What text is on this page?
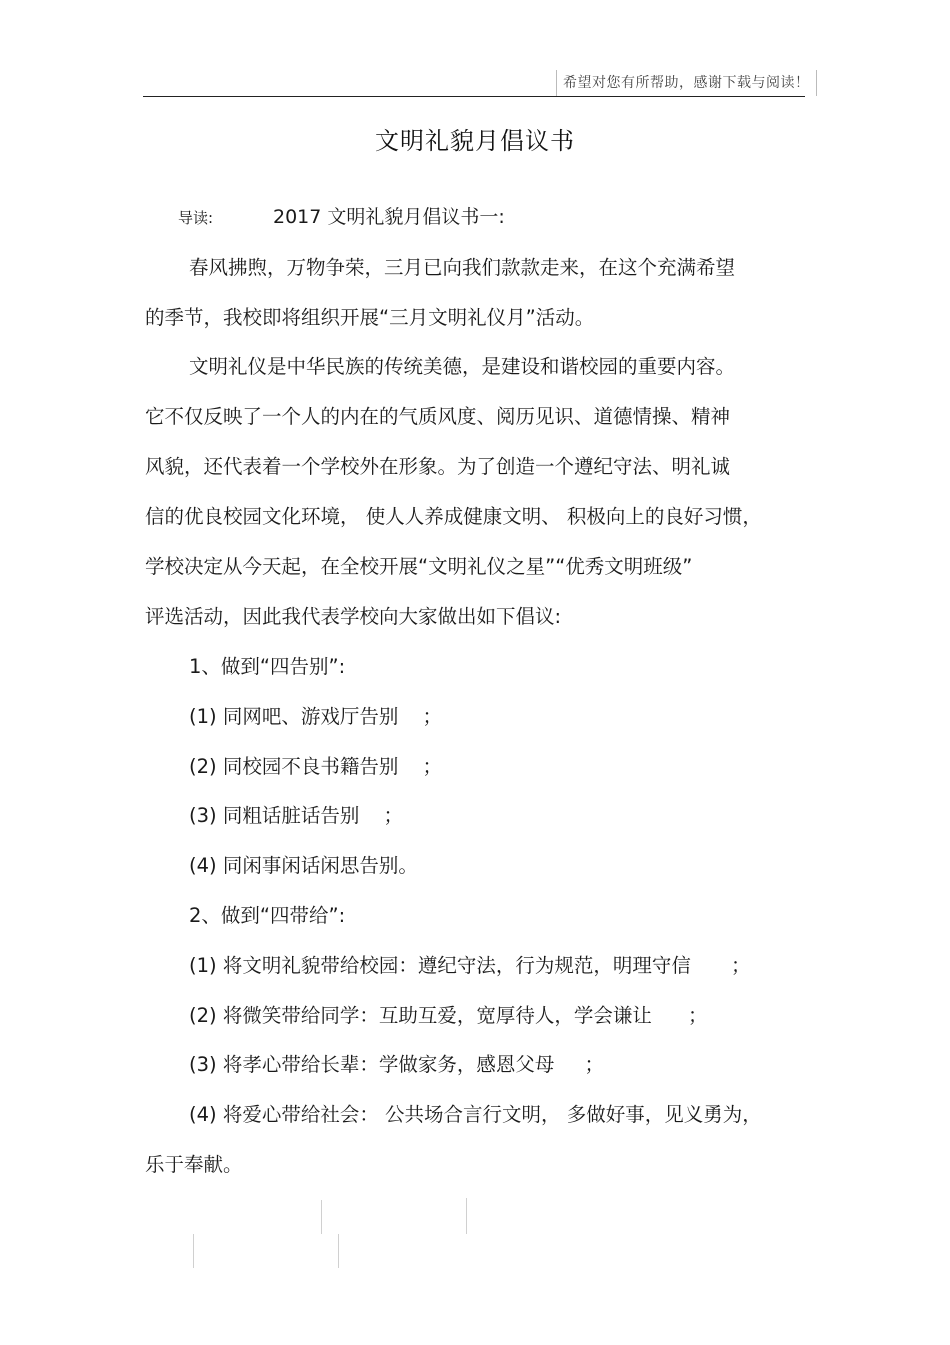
希望对您有所帮助，感谢下载与阅读！
文明礼貌月倡议书
导读:	2017 文明礼貌月倡议书一:
春风拂煦，万物争荣，三月已向我们款款走来，在这个充满希望
的季节，我校即将组织开展“三月文明礼仪月”活动。
文明礼仪是中华民族的传统美德，是建设和谐校园的重要内容。
它不仅反映了一个人的内在的气质风度、阅历见识、道德情操、精神
风貌，还代表着一个学校外在形象。为了创造一个遵纪守法、明礼诚
信的优良校园文化环境， 使人人养成健康文明、 积极向上的良好习惯，
学校决定从今天起，在全校开展“文明礼仪之星”“优秀文明班级”
评选活动，因此我代表学校向大家做出如下倡议:
1、做到“四告别”:
(1) 同网吧、游戏厅告别 ；
(2) 同校园不良书籍告别 ；
(3) 同粗话脏话告别 ；
(4) 同闲事闲话闲思告别。
2、做到“四带给”:
(1) 将文明礼貌带给校园：遵纪守法，行为规范，明理守信 ；
(2) 将微笑带给同学：互助互爱，宽厚待人，学会谦让 ；
(3) 将孝心带给长辈：学做家务，感恩父母 ；
(4) 将爱心带给社会： 公共场合言行文明， 多做好事，见义勇为，
乐于奉献。
